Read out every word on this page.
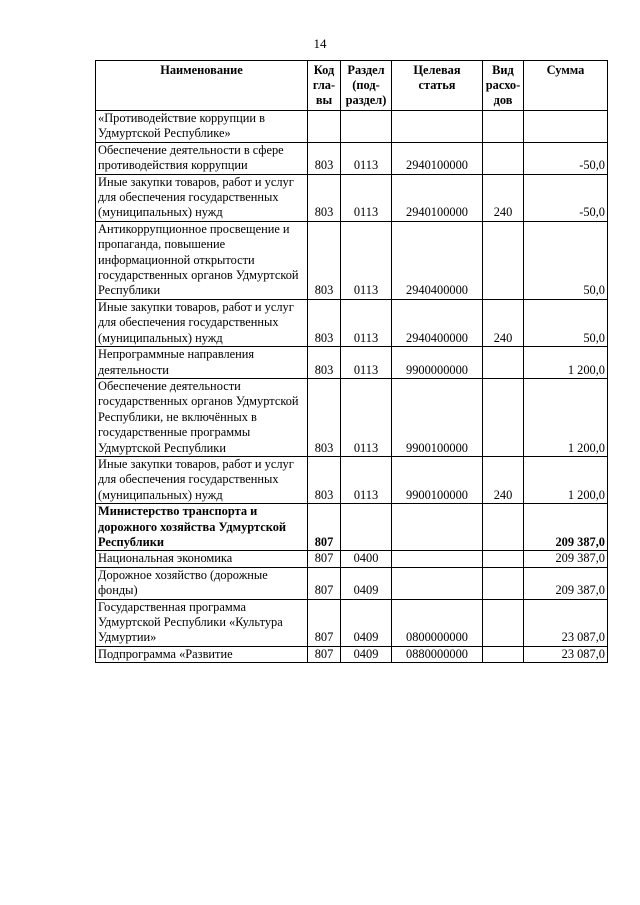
14
Наименование	Код гла- вы	Раздел (под- раздел)	Целевая статья	Вид расхо- дов	Сумма
«Противодействие коррупции в Удмуртской Республике»					
Обеспечение деятельности в сфере противодействия коррупции	803	0113	2940100000		-50,0
Иные закупки товаров, работ и услуг для обеспечения государственных (муниципальных) нужд	803	0113	2940100000	240	-50,0
Антикоррупционное просвещение и пропаганда, повышение информационной открытости государственных органов Удмуртской Республики	803	0113	2940400000		50,0
Иные закупки товаров, работ и услуг для обеспечения государственных (муниципальных) нужд	803	0113	2940400000	240	50,0
Непрограммные направления деятельности	803	0113	9900000000		1 200,0
Обеспечение деятельности государственных органов Удмуртской Республики, не включённых в государственные программы Удмуртской Республики	803	0113	9900100000		1 200,0
Иные закупки товаров, работ и услуг для обеспечения государственных (муниципальных) нужд	803	0113	9900100000	240	1 200,0
Министерство транспорта и дорожного хозяйства Удмуртской Республики	807				209 387,0
Национальная экономика	807	0400			209 387,0
Дорожное хозяйство (дорожные фонды)	807	0409			209 387,0
Государственная программа Удмуртской Республики «Культура Удмуртии»	807	0409	0800000000		23 087,0
Подпрограмма «Развитие	807	0409	0880000000		23 087,0
